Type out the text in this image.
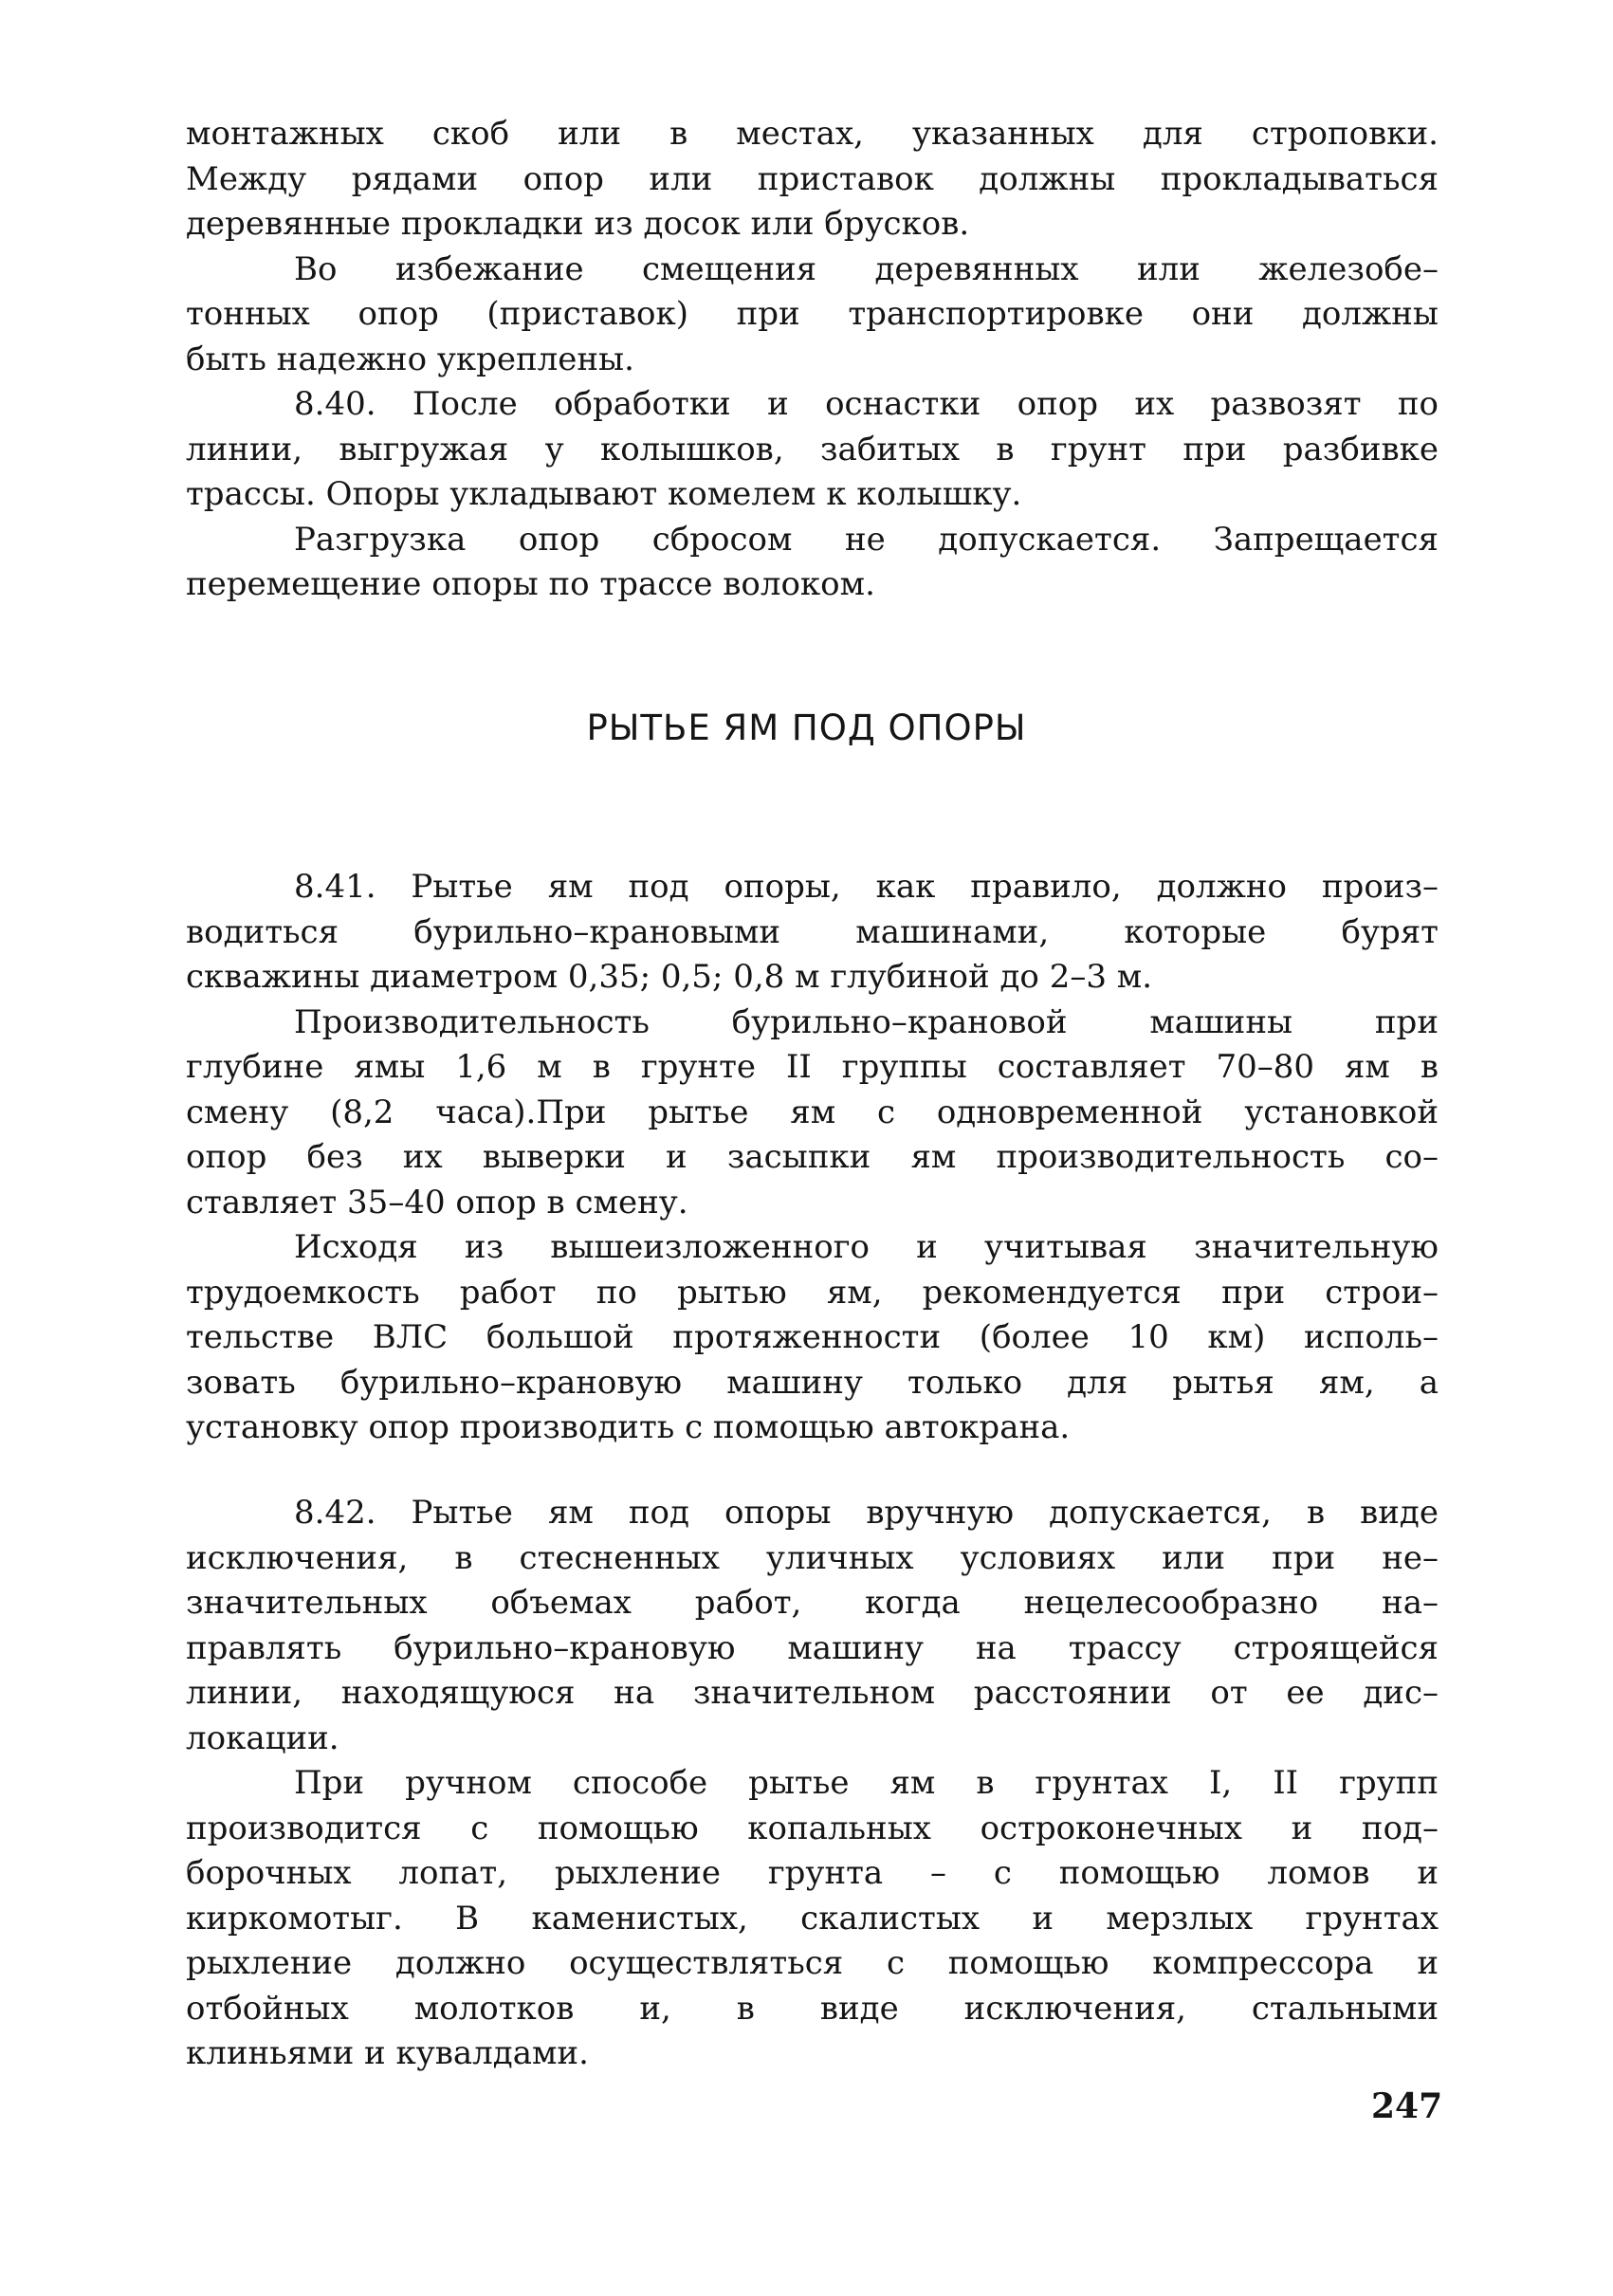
монтажных скоб или в местах, указанных для строповки.
Между рядами опор или приставок должны прокладываться
деревянные прокладки из досок или брусков.
Во избежание смещения деревянных или железобе–
тонных опор (приставок) при транспортировке они должны
быть надежно укреплены.
8.40. После обработки и оснастки опор их развозят по
линии, выгружая у колышков, забитых в грунт при разбивке
трассы. Опоры укладывают комелем к колышку.
Разгрузка опор сбросом не допускается. Запрещается
перемещение опоры по трассе волоком.
РЫТЬЕ ЯМ ПОД ОПОРЫ
8.41. Рытье ям под опоры, как правило, должно произ–
водиться бурильно–крановыми машинами, которые бурят
скважины диаметром 0,35; 0,5; 0,8 м глубиной до 2–3 м.
Производительность бурильно–крановой машины при
глубине ямы 1,6 м в грунте II группы составляет 70–80 ям в
смену (8,2 часа).При рытье ям с одновременной установкой
опор без их выверки и засыпки ям производительность со–
ставляет 35–40 опор в смену.
Исходя из вышеизложенного и учитывая значительную
трудоемкость работ по рытью ям, рекомендуется при строи–
тельстве ВЛС большой протяженности (более 10 км) исполь–
зовать бурильно–крановую машину только для рытья ям, а
установку опор производить с помощью автокрана.
8.42. Рытье ям под опоры вручную допускается, в виде
исключения, в стесненных уличных условиях или при не–
значительных объемах работ, когда нецелесообразно на–
правлять бурильно–крановую машину на трассу строящейся
линии, находящуюся на значительном расстоянии от ее дис–
локации.
При ручном способе рытье ям в грунтах I, II групп
производится с помощью копальных остроконечных и под–
борочных лопат, рыхление грунта – с помощью ломов и
киркомотыг. В каменистых, скалистых и мерзлых грунтах
рыхление должно осуществляться с помощью компрессора и
отбойных молотков и, в виде исключения, стальными
клиньями и кувалдами.
247
